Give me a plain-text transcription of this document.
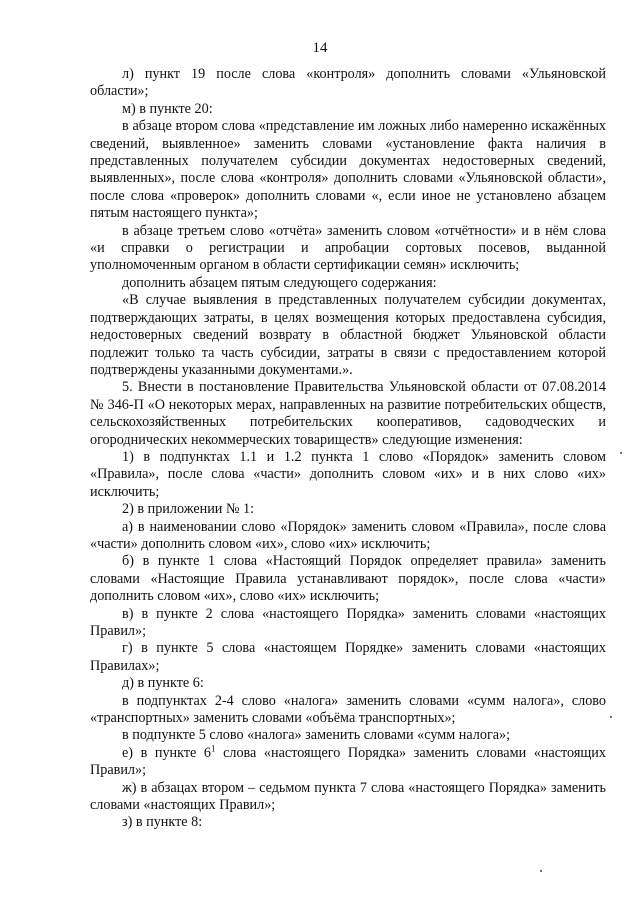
14

л) пункт 19 после слова «контроля» дополнить словами «Ульяновской области»;

м) в пункте 20:

в абзаце втором слова «представление им ложных либо намеренно искажённых сведений, выявленное» заменить словами «установление факта наличия в представленных получателем субсидии документах недостоверных сведений, выявленных», после слова «контроля» дополнить словами «Ульяновской области», после слова «проверок» дополнить словами «, если иное не установлено абзацем пятым настоящего пункта»;

в абзаце третьем слово «отчёта» заменить словом «отчётности» и в нём слова «и справки о регистрации и апробации сортовых посевов, выданной уполномоченным органом в области сертификации семян» исключить;

дополнить абзацем пятым следующего содержания:

«В случае выявления в представленных получателем субсидии документах, подтверждающих затраты, в целях возмещения которых предоставлена субсидия, недостоверных сведений возврату в областной бюджет Ульяновской области подлежит только та часть субсидии, затраты в связи с предоставлением которой подтверждены указанными документами.».

5. Внести в постановление Правительства Ульяновской области от 07.08.2014 № 346-П «О некоторых мерах, направленных на развитие потребительских обществ, сельскохозяйственных потребительских кооперативов, садоводческих и огороднических некоммерческих товариществ» следующие изменения:

1) в подпунктах 1.1 и 1.2 пункта 1 слово «Порядок» заменить словом «Правила», после слова «части» дополнить словом «их» и в них слово «их» исключить;

2) в приложении № 1:

а) в наименовании слово «Порядок» заменить словом «Правила», после слова «части» дополнить словом «их», слово «их» исключить;

б) в пункте 1 слова «Настоящий Порядок определяет правила» заменить словами «Настоящие Правила устанавливают порядок», после слова «части» дополнить словом «их», слово «их» исключить;

в) в пункте 2 слова «настоящего Порядка» заменить словами «настоящих Правил»;

г) в пункте 5 слова «настоящем Порядке» заменить словами «настоящих Правилах»;

д) в пункте 6:

в подпунктах 2-4 слово «налога» заменить словами «сумм налога», слово «транспортных» заменить словами «объёма транспортных»;

в подпункте 5 слово «налога» заменить словами «сумм налога»;

е) в пункте $6^1$ слова «настоящего Порядка» заменить словами «настоящих Правил»;

ж) в абзацах втором – седьмом пункта 7 слова «настоящего Порядка» заменить словами «настоящих Правил»;

з) в пункте 8:
